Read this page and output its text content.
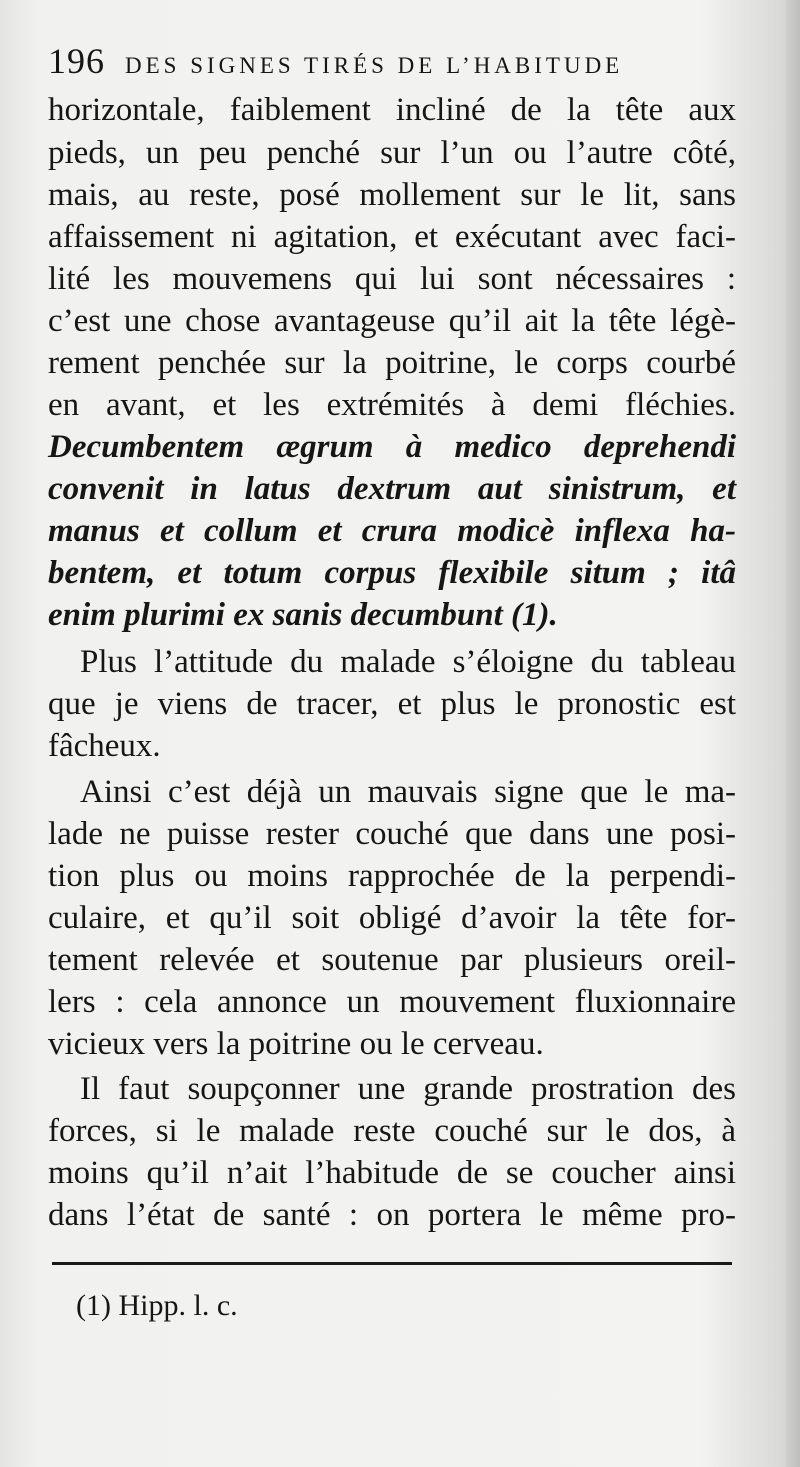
196 DES SIGNES TIRÉS DE L’HABITUDE
horizontale, faiblement incliné de la tête aux
pieds, un peu penché sur l’un ou l’autre côté,
mais, au reste, posé mollement sur le lit, sans
affaissement ni agitation, et exécutant avec faci-
lité les mouvemens qui lui sont nécessaires :
c’est une chose avantageuse qu’il ait la tête légè-
rement penchée sur la poitrine, le corps courbé
en avant, et les extrémités à demi fléchies.
Decumbentem ægrum à medico deprehendi
convenit in latus dextrum aut sinistrum, et
manus et collum et crura modicè inflexa ha-
bentem, et totum corpus flexibile situm ; itâ
enim plurimi ex sanis decumbunt (1).
Plus l’attitude du malade s’éloigne du tableau
que je viens de tracer, et plus le pronostic est
fâcheux.
Ainsi c’est déjà un mauvais signe que le ma-
lade ne puisse rester couché que dans une posi-
tion plus ou moins rapprochée de la perpendi-
culaire, et qu’il soit obligé d’avoir la tête for-
tement relevée et soutenue par plusieurs oreil-
lers : cela annonce un mouvement fluxionnaire
vicieux vers la poitrine ou le cerveau.
Il faut soupçonner une grande prostration des
forces, si le malade reste couché sur le dos, à
moins qu’il n’ait l’habitude de se coucher ainsi
dans l’état de santé : on portera le même pro-
(1) Hipp. l. c.
